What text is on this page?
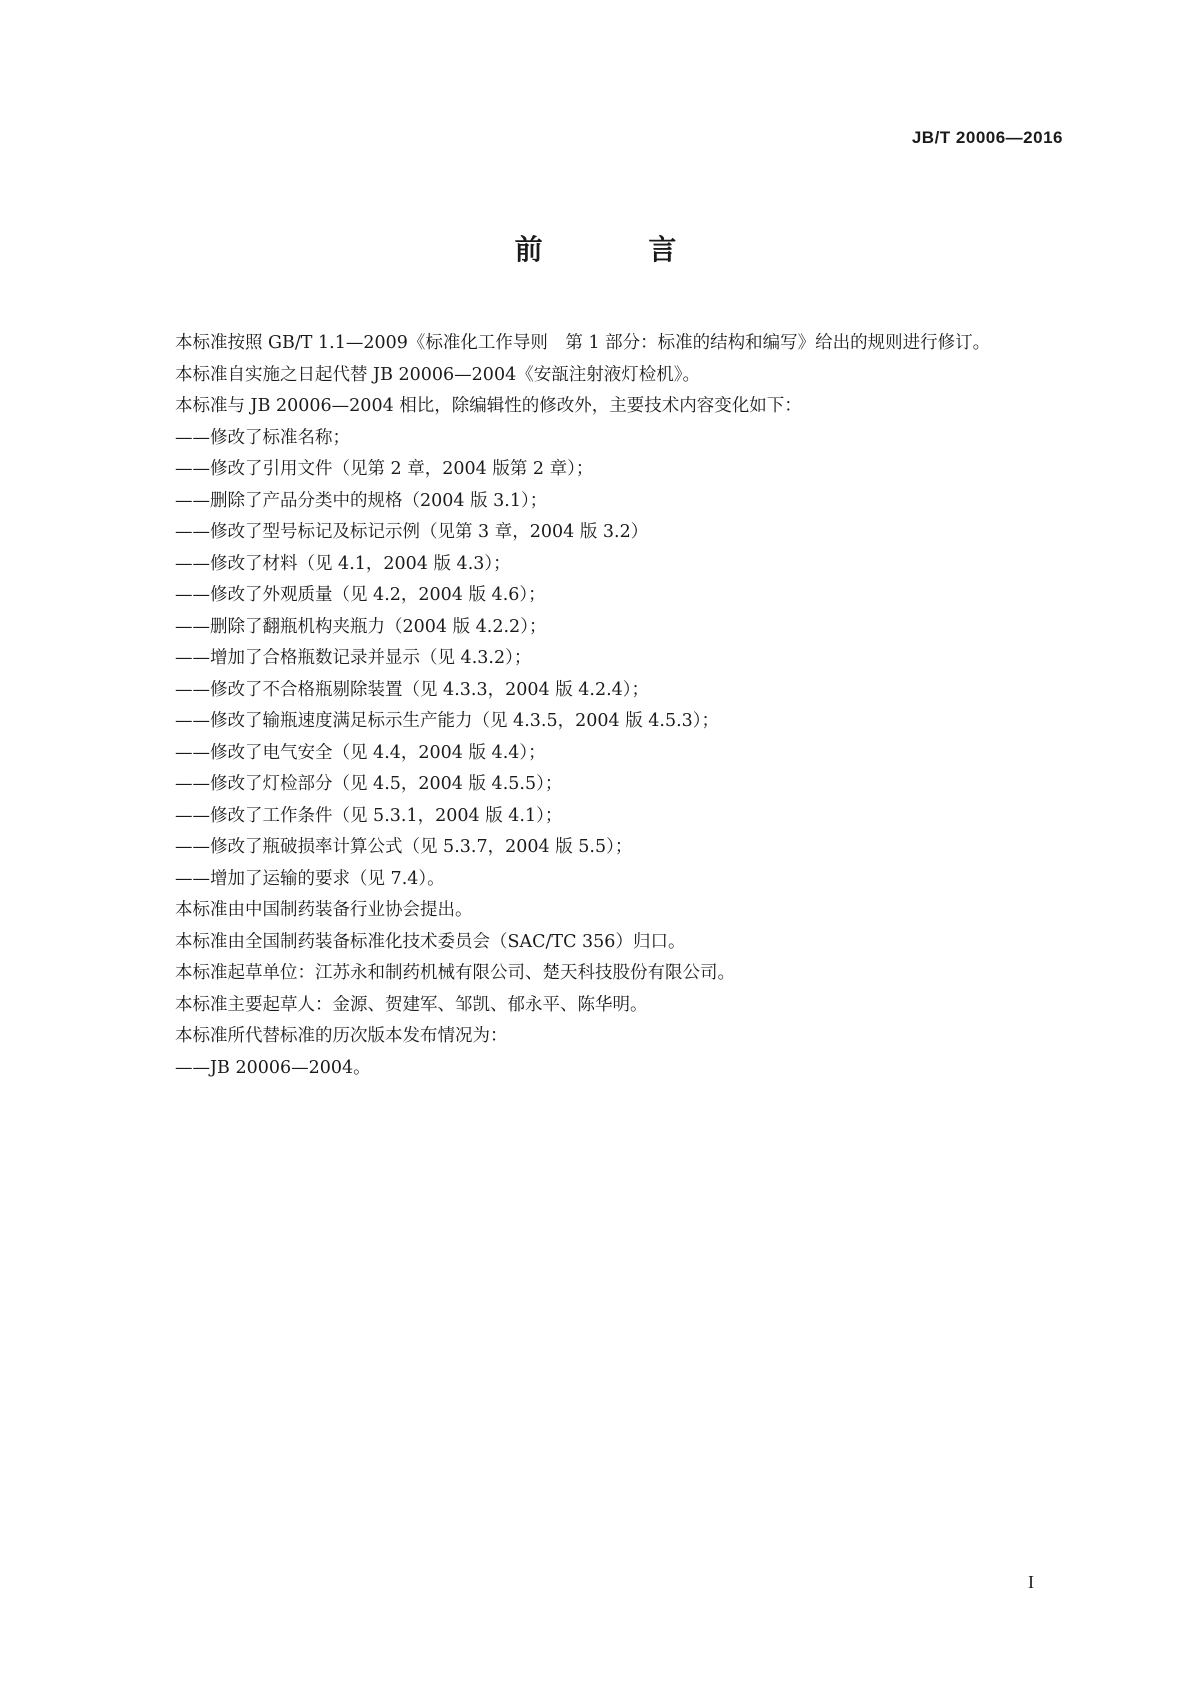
JB/T 20006—2016
前 言

本标准按照 GB/T 1.1—2009《标准化工作导则　第 1 部分：标准的结构和编写》给出的规则进行修订。

本标准自实施之日起代替 JB 20006—2004《安瓿注射液灯检机》。

本标准与 JB 20006—2004 相比，除编辑性的修改外，主要技术内容变化如下：

——修改了标准名称；

——修改了引用文件（见第 2 章，2004 版第 2 章）；

——删除了产品分类中的规格（2004 版 3.1）；

——修改了型号标记及标记示例（见第 3 章，2004 版 3.2）

——修改了材料（见 4.1，2004 版 4.3）；

——修改了外观质量（见 4.2，2004 版 4.6）；

——删除了翻瓶机构夹瓶力（2004 版 4.2.2）；

——增加了合格瓶数记录并显示（见 4.3.2）；

——修改了不合格瓶剔除装置（见 4.3.3，2004 版 4.2.4）；

——修改了输瓶速度满足标示生产能力（见 4.3.5，2004 版 4.5.3）；

——修改了电气安全（见 4.4，2004 版 4.4）；

——修改了灯检部分（见 4.5，2004 版 4.5.5）；

——修改了工作条件（见 5.3.1，2004 版 4.1）；

——修改了瓶破损率计算公式（见 5.3.7，2004 版 5.5）；

——增加了运输的要求（见 7.4）。

本标准由中国制药装备行业协会提出。

本标准由全国制药装备标准化技术委员会（SAC/TC 356）归口。

本标准起草单位：江苏永和制药机械有限公司、楚天科技股份有限公司。

本标准主要起草人：金源、贺建军、邹凯、郁永平、陈华明。

本标准所代替标准的历次版本发布情况为：

——JB 20006—2004。

I
